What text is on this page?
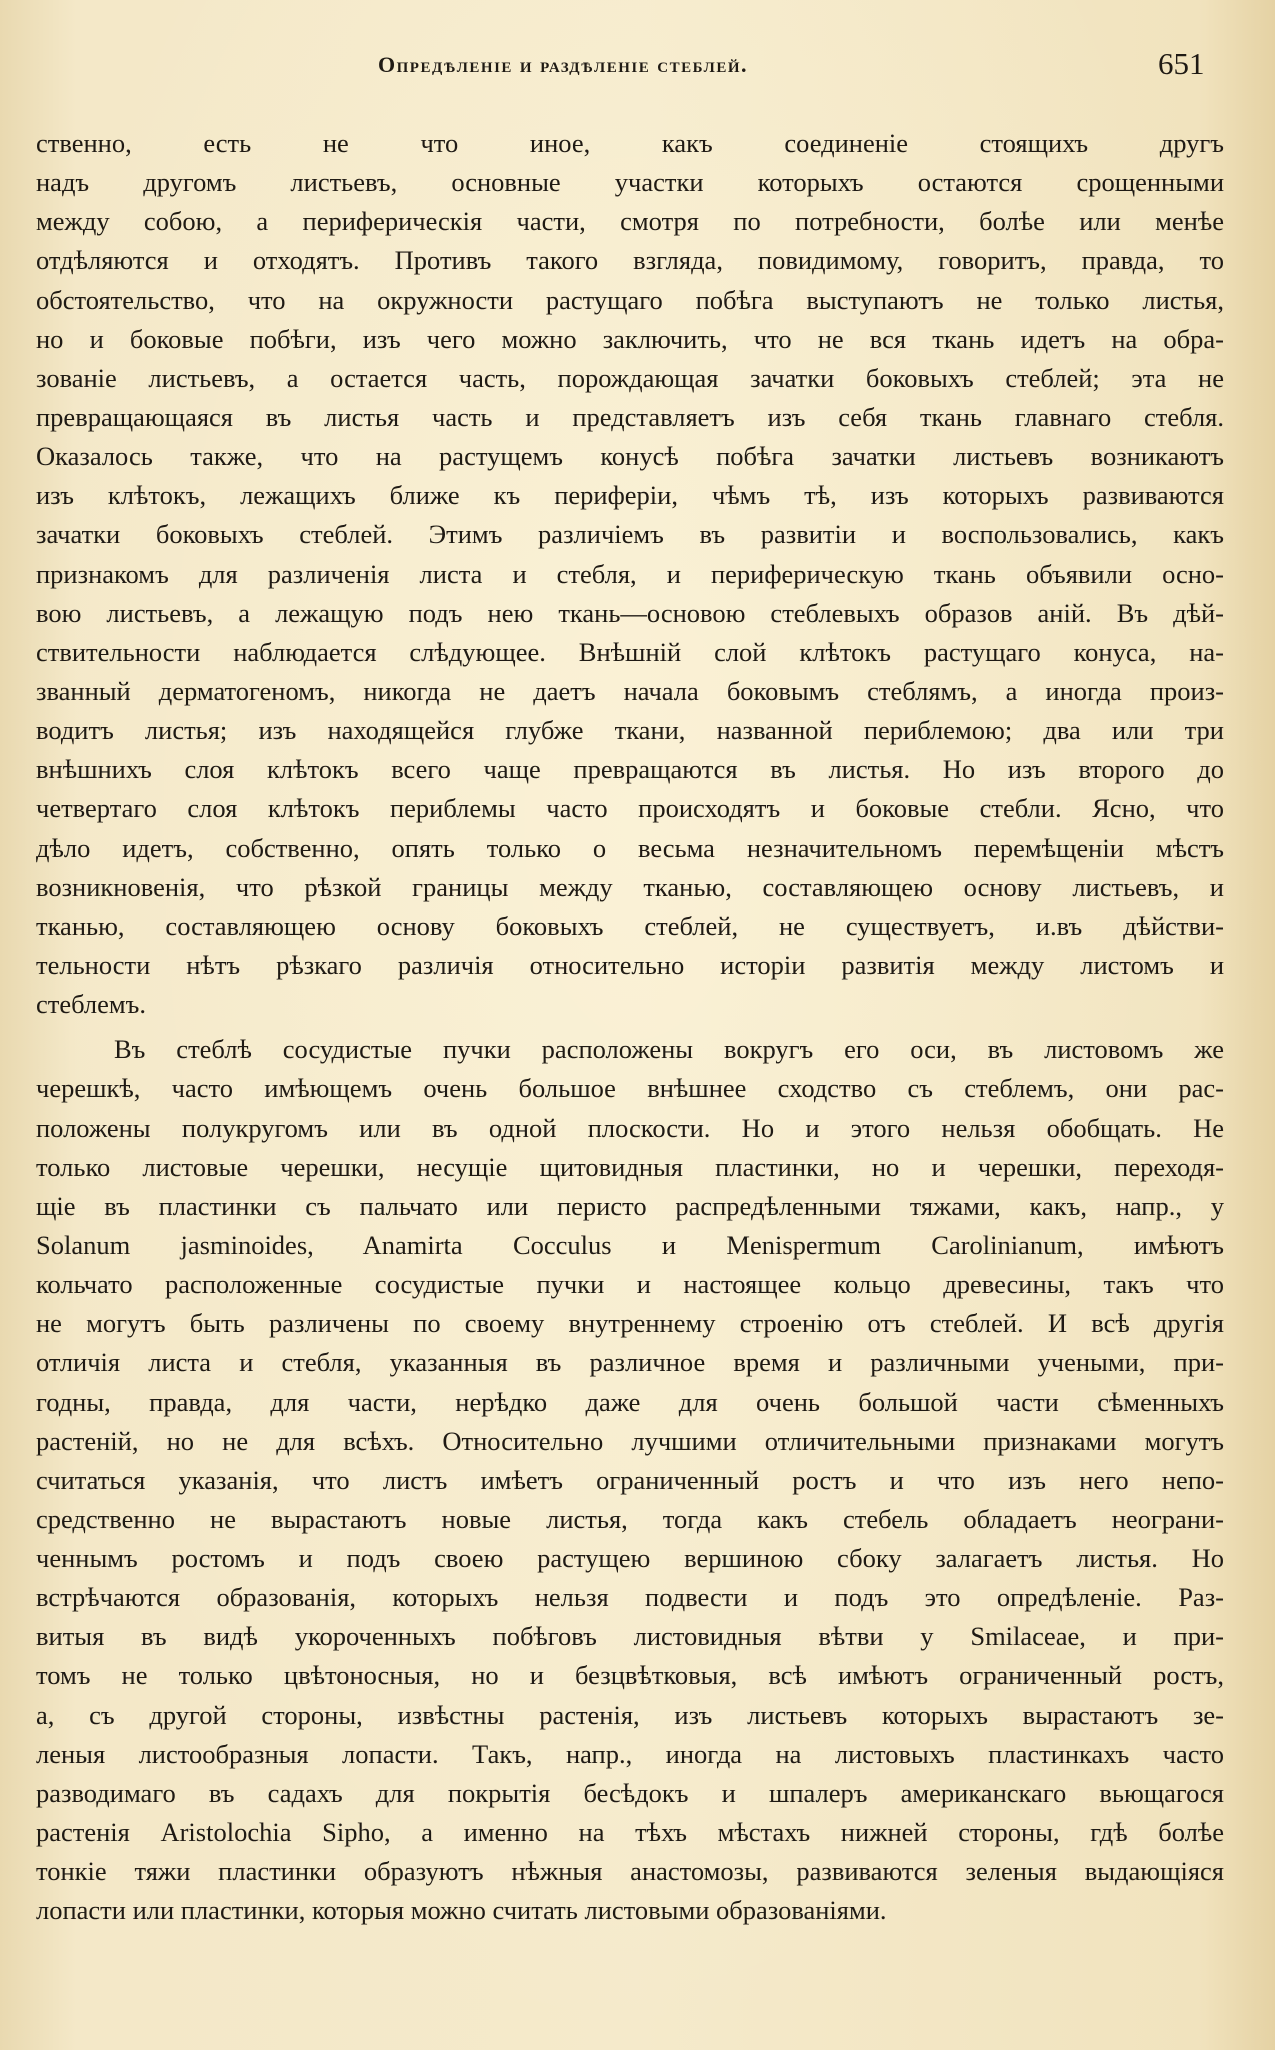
Опредѣленіе и раздѣленіе стеблей.	651
ственно, есть не что иное, какъ соединеніе стоящихъ другъ
надъ другомъ листьевъ, основные участки которыхъ остаются срощенными
между собою, а периферическія части, смотря по потребности, болѣе или менѣе
отдѣляются и отходятъ. Противъ такого взгляда, повидимому, говоритъ, правда, то
обстоятельство, что на окружности растущаго побѣга выступаютъ не только листья,
но и боковые побѣги, изъ чего можно заключить, что не вся ткань идетъ на обра-
зованіе листьевъ, а остается часть, порождающая зачатки боковыхъ стеблей; эта не
превращающаяся въ листья часть и представляетъ изъ себя ткань главнаго стебля.
Оказалось также, что на растущемъ конусѣ побѣга зачатки листьевъ возникаютъ
изъ клѣтокъ, лежащихъ ближе къ периферіи, чѣмъ тѣ, изъ которыхъ развиваются
зачатки боковыхъ стеблей. Этимъ различіемъ въ развитіи и воспользовались, какъ
признакомъ для различенія листа и стебля, и периферическую ткань объявили осно-
вою листьевъ, а лежащую подъ нею ткань—основою стеблевыхъ образов аній. Въ дѣй-
ствительности наблюдается слѣдующее. Внѣшній слой клѣтокъ растущаго конуса, на-
званный дерматогеномъ, никогда не даетъ начала боковымъ стеблямъ, а иногда произ-
водитъ листья; изъ находящейся глубже ткани, названной периблемою; два или три
внѣшнихъ слоя клѣтокъ всего чаще превращаются въ листья. Но изъ второго до
четвертаго слоя клѣтокъ периблемы часто происходятъ и боковые стебли. Ясно, что
дѣло идетъ, собственно, опять только о весьма незначительномъ перемѣщеніи мѣстъ
возникновенія, что рѣзкой границы между тканью, составляющею основу листьевъ, и
тканью, составляющею основу боковыхъ стеблей, не существуетъ, и.въ дѣйстви-
тельности нѣтъ рѣзкаго различія относительно исторіи развитія между листомъ и
стеблемъ.
Въ стеблѣ сосудистые пучки расположены вокругъ его оси, въ листовомъ же
черешкѣ, часто имѣющемъ очень большое внѣшнее сходство съ стеблемъ, они рас-
положены полукругомъ или въ одной плоскости. Но и этого нельзя обобщать. Не
только листовые черешки, несущіе щитовидныя пластинки, но и черешки, переходя-
щіе въ пластинки съ пальчато или перисто распредѣленными тяжами, какъ, напр., у
Solanum jasminoides, Anamirta Cocculus и Menispermum Carolinianum, имѣютъ
кольчато расположенные сосудистые пучки и настоящее кольцо древесины, такъ что
не могутъ быть различены по своему внутреннему строенію отъ стеблей. И всѣ другія
отличія листа и стебля, указанныя въ различное время и различными учеными, при-
годны, правда, для части, нерѣдко даже для очень большой части сѣменныхъ
растеній, но не для всѣхъ. Относительно лучшими отличительными признаками могутъ
считаться указанія, что листъ имѣетъ ограниченный ростъ и что изъ него непо-
средственно не вырастаютъ новые листья, тогда какъ стебель обладаетъ неограни-
ченнымъ ростомъ и подъ своею растущею вершиною сбоку залагаетъ листья. Но
встрѣчаются образованія, которыхъ нельзя подвести и подъ это опредѣленіе. Раз-
витыя въ видѣ укороченныхъ побѣговъ листовидныя вѣтви у Smilaceae, и при-
томъ не только цвѣтоносныя, но и безцвѣтковыя, всѣ имѣютъ ограниченный ростъ,
а, съ другой стороны, извѣстны растенія, изъ листьевъ которыхъ вырастаютъ зе-
леныя листообразныя лопасти. Такъ, напр., иногда на листовыхъ пластинкахъ часто
разводимаго въ садахъ для покрытія бесѣдокъ и шпалеръ американскаго вьющагося
растенія Aristolochia Sipho, а именно на тѣхъ мѣстахъ нижней стороны, гдѣ болѣе
тонкіе тяжи пластинки образуютъ нѣжныя анастомозы, развиваются зеленыя выдающіяся
лопасти или пластинки, которыя можно считать листовыми образованіями.
